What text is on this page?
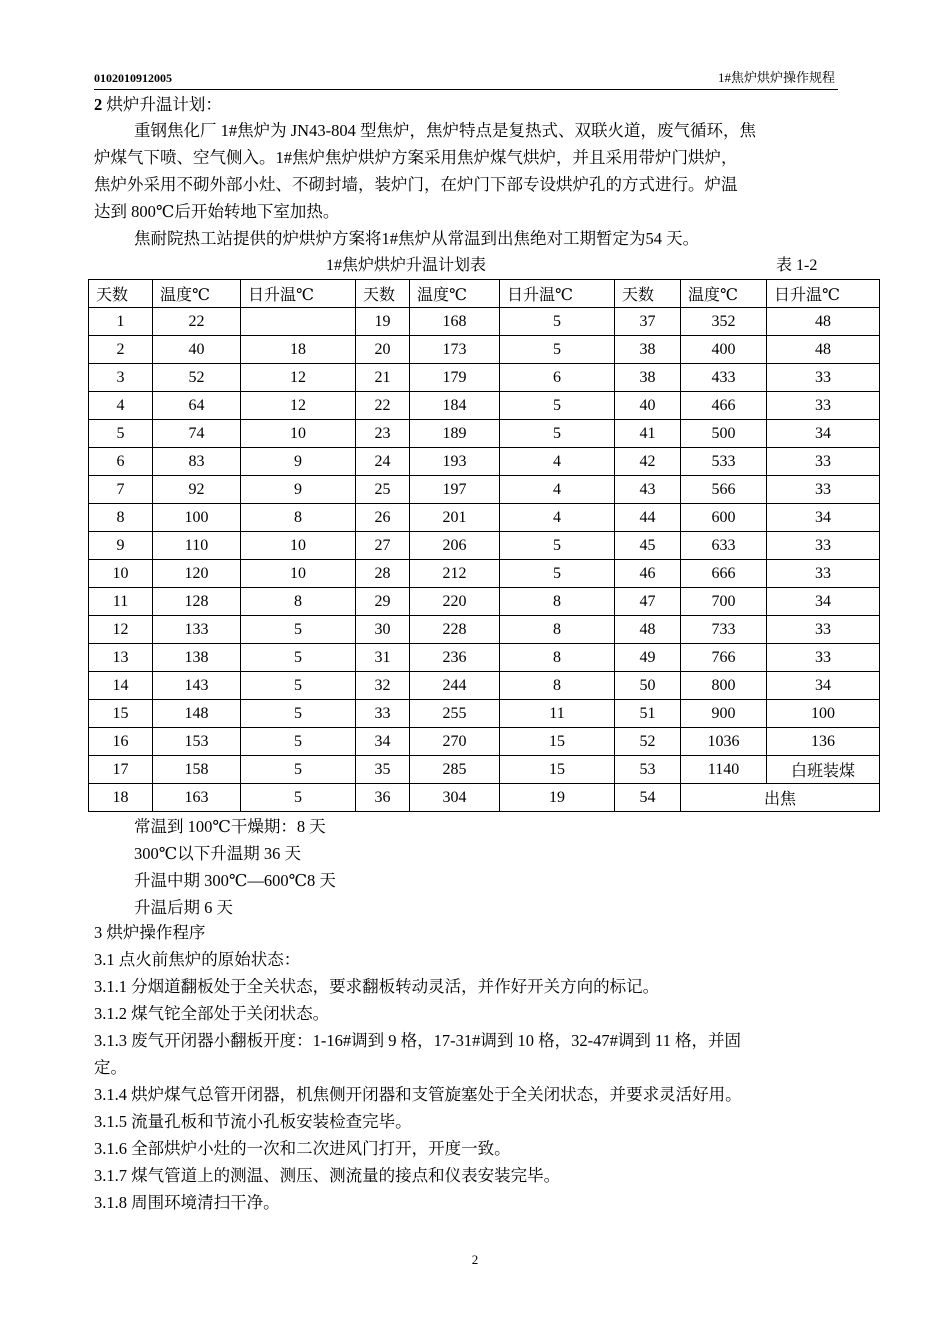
0102010912005	1#焦炉烘炉操作规程
2 烘炉升温计划：
重钢焦化厂 1#焦炉为 JN43-804 型焦炉，焦炉特点是复热式、双联火道，废气循环，焦
炉煤气下喷、空气侧入。1#焦炉焦炉烘炉方案采用焦炉煤气烘炉，并且采用带炉门烘炉，
焦炉外采用不砌外部小灶、不砌封墙，装炉门，在炉门下部专设烘炉孔的方式进行。炉温
达到 800℃后开始转地下室加热。
焦耐院热工站提供的炉烘炉方案将1#焦炉从常温到出焦绝对工期暂定为54 天。
1#焦炉烘炉升温计划表	表 1-2
天数	温度℃	日升温℃	天数	温度℃	日升温℃	天数	温度℃	日升温℃
1	22		19	168	5	37	352	48
2	40	18	20	173	5	38	400	48
3	52	12	21	179	6	38	433	33
4	64	12	22	184	5	40	466	33
5	74	10	23	189	5	41	500	34
6	83	9	24	193	4	42	533	33
7	92	9	25	197	4	43	566	33
8	100	8	26	201	4	44	600	34
9	110	10	27	206	5	45	633	33
10	120	10	28	212	5	46	666	33
11	128	8	29	220	8	47	700	34
12	133	5	30	228	8	48	733	33
13	138	5	31	236	8	49	766	33
14	143	5	32	244	8	50	800	34
15	148	5	33	255	11	51	900	100
16	153	5	34	270	15	52	1036	136
17	158	5	35	285	15	53	1140	白班装煤
18	163	5	36	304	19	54	出焦	
常温到 100℃干燥期：8 天
300℃以下升温期 36 天
升温中期 300℃—600℃8 天
升温后期 6 天
3 烘炉操作程序
3.1 点火前焦炉的原始状态：
3.1.1 分烟道翻板处于全关状态，要求翻板转动灵活，并作好开关方向的标记。
3.1.2 煤气铊全部处于关闭状态。
3.1.3 废气开闭器小翻板开度：1-16#调到 9 格，17-31#调到 10 格，32-47#调到 11 格，并固
定。
3.1.4 烘炉煤气总管开闭器，机焦侧开闭器和支管旋塞处于全关闭状态，并要求灵活好用。
3.1.5 流量孔板和节流小孔板安装检查完毕。
3.1.6 全部烘炉小灶的一次和二次进风门打开，开度一致。
3.1.7 煤气管道上的测温、测压、测流量的接点和仪表安装完毕。
3.1.8 周围环境清扫干净。
2
